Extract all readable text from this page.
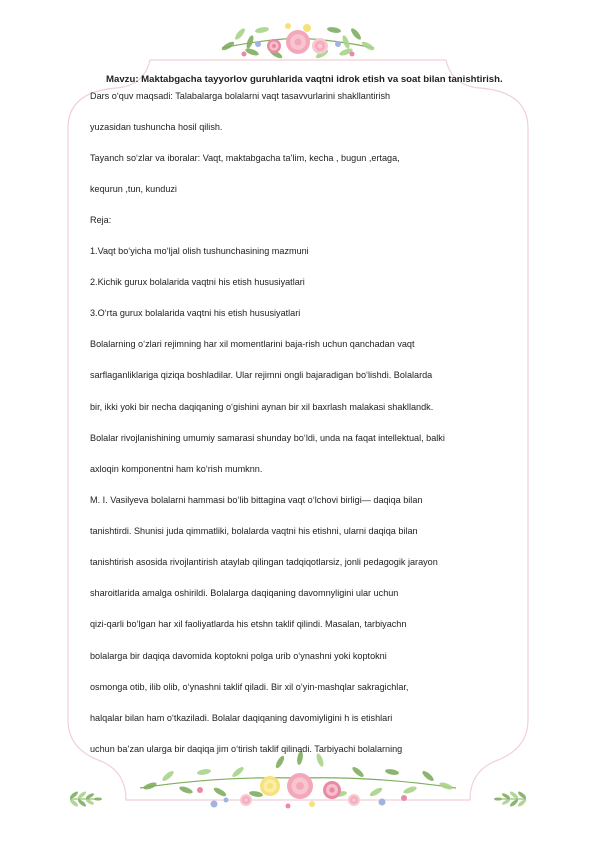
Mavzu: Maktabgacha tayyorlov guruhlarida vaqtni idrok etish va soat bilan tanishtirish.
Dars o‘quv maqsadi: Talabalarga bolalarni vaqt tasavvurlarini shakllantirish
yuzasidan tushuncha hosil qilish.
Tayanch so‘zlar va iboralar: Vaqt, maktabgacha ta’lim, kecha , bugun ,ertaga,
kequrun ,tun, kunduzi
Reja:
1.Vaqt bo‘yicha mo‘ljal olish tushunchasining mazmuni
2.Kichik gurux bolalarida vaqtni his etish hususiyatlari
3.O‘rta gurux bolalarida vaqtni his etish hususiyatlari
Bolalarning o‘zlari rejimning har xil momentlarini baja-rish uchun qanchadan vaqt
sarflaganliklariga qiziqa boshladilar. Ular rejimni ongli bajaradigan bo‘lishdi. Bolalarda
bir, ikki yoki bir necha daqiqaning o‘gishini aynan bir xil baxrlash malakasi shakllandk.
Bolalar rivojlanishining umumiy samarasi shunday bo‘ldi, unda na faqat intellektual, balki
axloqin komponentni ham ko‘rish mumknn.
M. I. Vasilyeva bolalarni hammasi bo‘lib bittagina vaqt o‘lchovi birligi— daqiqa bilan
tanishtirdi. Shunisi juda qimmatliki, bolalarda vaqtni his etishni, ularni daqiqa bilan
tanishtirish asosida rivojlantirish ataylab qilingan tadqiqotlarsiz, jonli pedagogik jarayon
sharoitlarida amalga oshirildi. Bolalarga daqiqaning davomnyligini ular uchun
qizi-qarli bo‘lgan har xil faoliyatlarda his etshn taklif qilindi. Masalan, tarbiyachn
bolalarga bir daqiqa davomida koptokni polga urib o‘ynashni yoki koptokni
osmonga otib, ilib olib, o‘ynashni taklif qiladi. Bir xil o‘yin-mashqlar sakragichlar,
halqalar bilan ham o‘tkaziladi. Bolalar daqiqaning davomiyligini h is etishlari
uchun ba’zan ularga bir daqiqa jim o‘tirish taklif qilinadi. Tarbiyachi bolalarning
